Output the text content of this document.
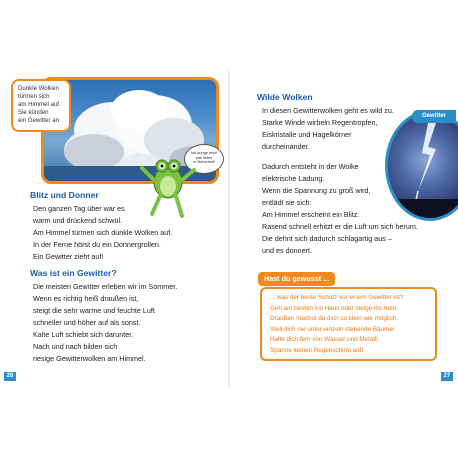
Dunkle Wolken
türmen sich
am Himmel auf.
Sie künden
ein Gewitter an.
Ich bringe mich
mal lieber
in Sicherheit!
Blitz und Donner
Den ganzen Tag über war es
warm und drückend schwül.
Am Himmel türmen sich dunkle Wolken auf.
In der Ferne hörst du ein Donnergrollen.
Ein Gewitter zieht auf!
Was ist ein Gewitter?
Die meisten Gewitter erleben wir im Sommer.
Wenn es richtig heiß draußen ist,
steigt die sehr warme und feuchte Luft
schneller und höher auf als sonst.
Kalte Luft schiebt sich darunter.
Nach und nach bilden sich
riesige Gewitterwolken am Himmel.
26
Wilde Wolken
In diesen Gewitterwolken geht es wild zu.
Starke Winde wirbeln Regentropfen,
Eiskristalle und Hagelkörner
durcheinander.
Dadurch entsteht in der Wolke
elektrische Ladung.
Wenn die Spannung zu groß wird,
entlädt sie sich:
Am Himmel erscheint ein Blitz.
Rasend schnell erhitzt er die Luft um sich herum.
Die dehnt sich dadurch schlagartig aus –
und es donnert.
Gewitter
Hast du gewusst ...
... was der beste Schutz vor einem Gewitter ist?
Geh am besten ins Haus oder steige ins Auto.
Draußen machst du dich so klein wie möglich.
Stell dich nie unter einzeln stehende Bäume!
Halte dich fern von Wasser und Metall!
Spanne keinen Regenschirm auf!
27
